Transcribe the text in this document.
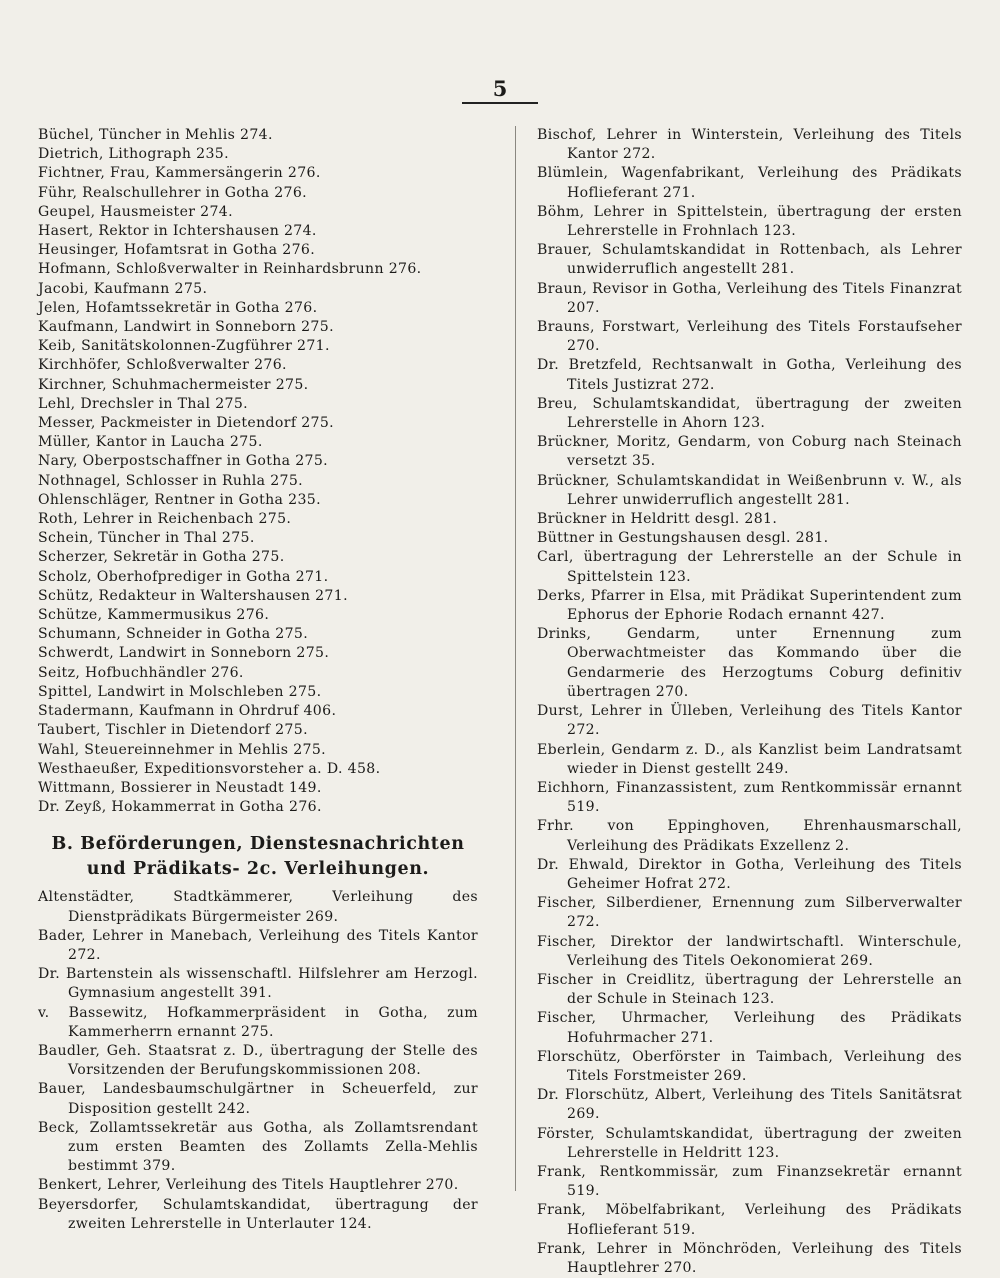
5
Büchel, Tüncher in Mehlis 274.
Dietrich, Lithograph 235.
Fichtner, Frau, Kammersängerin 276.
Führ, Realschullehrer in Gotha 276.
Geupel, Hausmeister 274.
Hasert, Rektor in Ichtershausen 274.
Heusinger, Hofamtsrat in Gotha 276.
Hofmann, Schloßverwalter in Reinhardsbrunn 276.
Jacobi, Kaufmann 275.
Jelen, Hofamtssekretär in Gotha 276.
Kaufmann, Landwirt in Sonneborn 275.
Keib, Sanitätskolonnen-Zugführer 271.
Kirchhöfer, Schloßverwalter 276.
Kirchner, Schuhmachermeister 275.
Lehl, Drechsler in Thal 275.
Messer, Packmeister in Dietendorf 275.
Müller, Kantor in Laucha 275.
Nary, Oberpostschaffner in Gotha 275.
Nothnagel, Schlosser in Ruhla 275.
Ohlenschläger, Rentner in Gotha 235.
Roth, Lehrer in Reichenbach 275.
Schein, Tüncher in Thal 275.
Scherzer, Sekretär in Gotha 275.
Scholz, Oberhofprediger in Gotha 271.
Schütz, Redakteur in Waltershausen 271.
Schütze, Kammermusikus 276.
Schumann, Schneider in Gotha 275.
Schwerdt, Landwirt in Sonneborn 275.
Seitz, Hofbuchhändler 276.
Spittel, Landwirt in Molschleben 275.
Stadermann, Kaufmann in Ohrdruf 406.
Taubert, Tischler in Dietendorf 275.
Wahl, Steuereinnehmer in Mehlis 275.
Westhaeußer, Expeditionsvorsteher a. D. 458.
Wittmann, Bossierer in Neustadt 149.
Dr. Zeyß, Hokammerrat in Gotha 276.
B. Beförderungen, Dienstesnachrichten und Prädikats- 2c. Verleihungen.
Altenstädter, Stadtkämmerer, Verleihung des Dienstprädikats Bürgermeister 269.
Bader, Lehrer in Manebach, Verleihung des Titels Kantor 272.
Dr. Bartenstein als wissenschaftl. Hilfslehrer am Herzogl. Gymnasium angestellt 391.
v. Bassewitz, Hofkammerpräsident in Gotha, zum Kammerherrn ernannt 275.
Baudler, Geh. Staatsrat z. D., übertragung der Stelle des Vorsitzenden der Berufungskommissionen 208.
Bauer, Landesbaumschulgärtner in Scheuerfeld, zur Disposition gestellt 242.
Beck, Zollamtssekretär aus Gotha, als Zollamtsrendant zum ersten Beamten des Zollamts Zella-Mehlis bestimmt 379.
Benkert, Lehrer, Verleihung des Titels Hauptlehrer 270.
Beyersdorfer, Schulamtskandidat, übertragung der zweiten Lehrerstelle in Unterlauter 124.
Bischof, Lehrer in Winterstein, Verleihung des Titels Kantor 272.
Blümlein, Wagenfabrikant, Verleihung des Prädikats Hoflieferant 271.
Böhm, Lehrer in Spittelstein, übertragung der ersten Lehrerstelle in Frohnlach 123.
Brauer, Schulamtskandidat in Rottenbach, als Lehrer unwiderruflich angestellt 281.
Braun, Revisor in Gotha, Verleihung des Titels Finanzrat 207.
Brauns, Forstwart, Verleihung des Titels Forstaufseher 270.
Dr. Bretzfeld, Rechtsanwalt in Gotha, Verleihung des Titels Justizrat 272.
Breu, Schulamtskandidat, übertragung der zweiten Lehrerstelle in Ahorn 123.
Brückner, Moritz, Gendarm, von Coburg nach Steinach versetzt 35.
Brückner, Schulamtskandidat in Weißenbrunn v. W., als Lehrer unwiderruflich angestellt 281.
Brückner in Heldritt desgl. 281.
Büttner in Gestungshausen desgl. 281.
Carl, übertragung der Lehrerstelle an der Schule in Spittelstein 123.
Derks, Pfarrer in Elsa, mit Prädikat Superintendent zum Ephorus der Ephorie Rodach ernannt 427.
Drinks, Gendarm, unter Ernennung zum Oberwachtmeister das Kommando über die Gendarmerie des Herzogtums Coburg definitiv übertragen 270.
Durst, Lehrer in Ülleben, Verleihung des Titels Kantor 272.
Eberlein, Gendarm z. D., als Kanzlist beim Landratsamt wieder in Dienst gestellt 249.
Eichhorn, Finanzassistent, zum Rentkommissär ernannt 519.
Frhr. von Eppinghoven, Ehrenhausmarschall, Verleihung des Prädikats Exzellenz 2.
Dr. Ehwald, Direktor in Gotha, Verleihung des Titels Geheimer Hofrat 272.
Fischer, Silberdiener, Ernennung zum Silberverwalter 272.
Fischer, Direktor der landwirtschaftl. Winterschule, Verleihung des Titels Oekonomierat 269.
Fischer in Creidlitz, übertragung der Lehrerstelle an der Schule in Steinach 123.
Fischer, Uhrmacher, Verleihung des Prädikats Hofuhrmacher 271.
Florschütz, Oberförster in Taimbach, Verleihung des Titels Forstmeister 269.
Dr. Florschütz, Albert, Verleihung des Titels Sanitätsrat 269.
Förster, Schulamtskandidat, übertragung der zweiten Lehrerstelle in Heldritt 123.
Frank, Rentkommissär, zum Finanzsekretär ernannt 519.
Frank, Möbelfabrikant, Verleihung des Prädikats Hoflieferant 519.
Frank, Lehrer in Mönchröden, Verleihung des Titels Hauptlehrer 270.
